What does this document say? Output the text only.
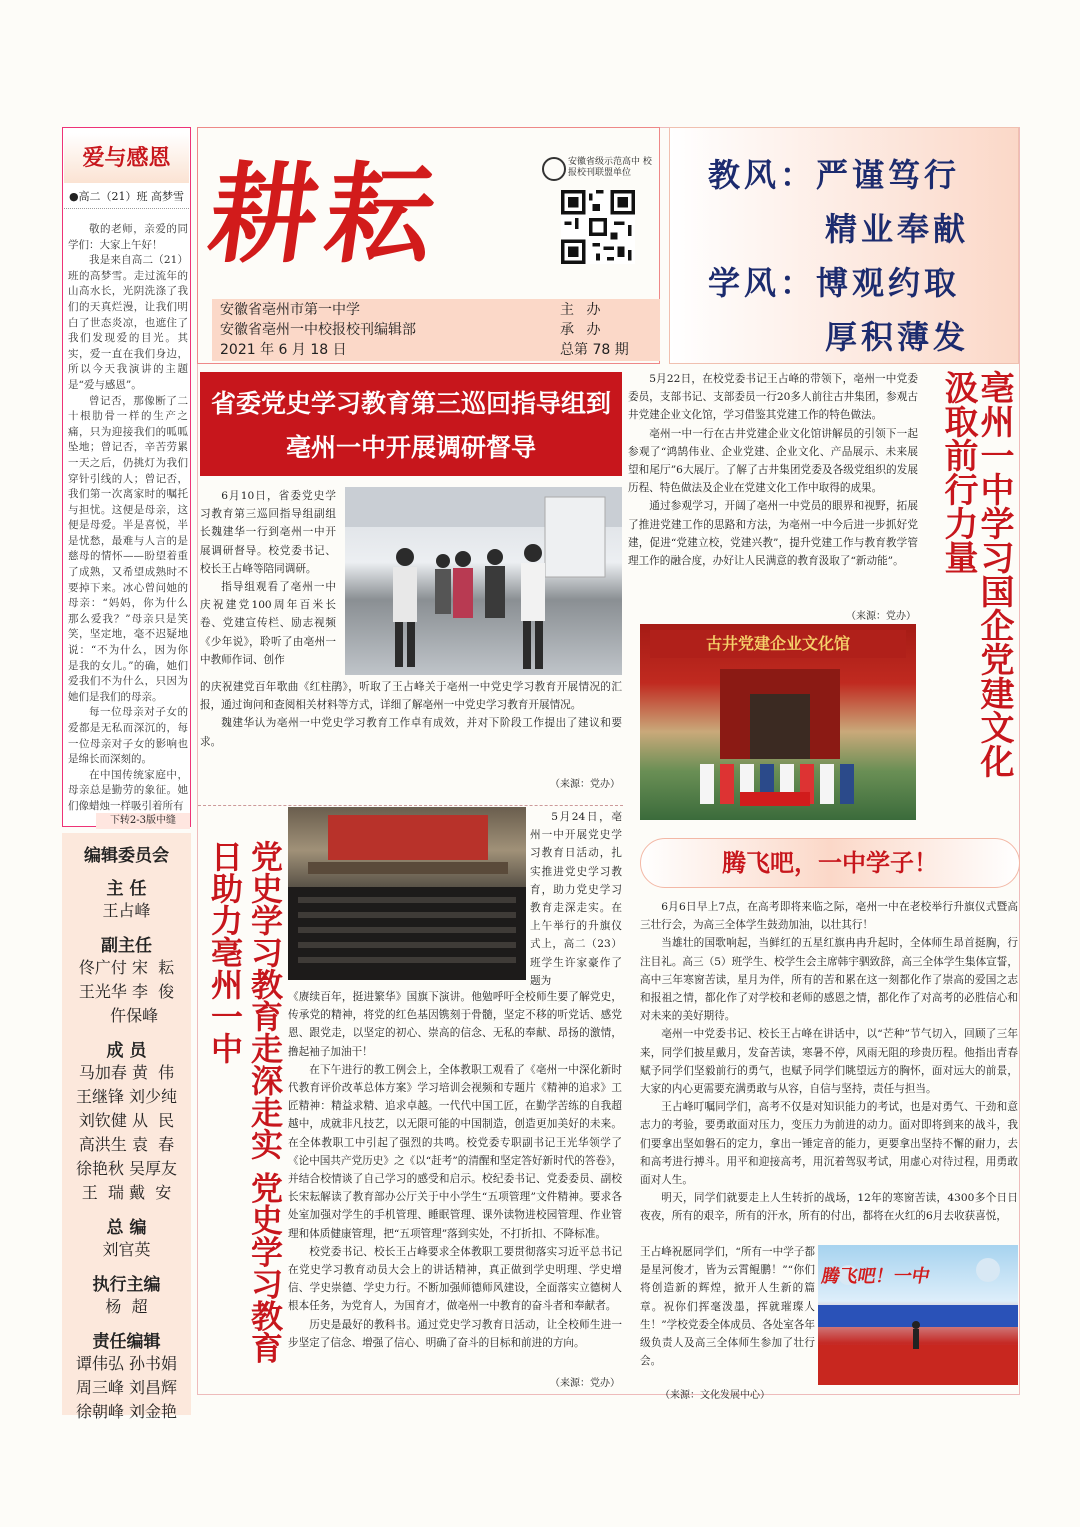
爱与感恩
●高二（21）班 高梦雪

敬的老师，亲爱的同学们：大家上午好！

我是来自高二（21）班的高梦雪。走过流年的山高水长，光阴洗涤了我们的天真烂漫，让我们明白了世态炎凉，也遮住了我们发现爱的目光。其实，爱一直在我们身边，所以今天我演讲的主题是“爱与感恩”。

曾记否，那像断了二十根肋骨一样的生产之痛，只为迎接我们的呱呱坠地；曾记否，辛苦劳累一天之后，仍挑灯为我们穿针引线的人；曾记否，我们第一次离家时的嘱托与担忧。这便是母亲，这便是母爱。半是喜悦，半是忧愁，最难与人言的是慈母的情怀——盼望着重了成熟，又希望成熟时不要掉下来。冰心曾问她的母亲：“妈妈，你为什么那么爱我？”母亲只是笑笑，坚定地，毫不迟疑地说：“不为什么，因为你是我的女儿。”的确，她们爱我们不为什么，只因为她们是我们的母亲。

每一位母亲对子女的爱都是无私而深沉的，每一位母亲对子女的影响也是绵长而深刻的。

在中国传统家庭中，母亲总是勤劳的象征。她们像蜡烛一样吸引着所有

下转2-3版中缝
编辑委员会
主 任
王占峰
副主任
佟广付 宋  耘
王光华 李  俊
仵保峰
成 员
马加春 黄  伟
王继锋 刘少纯
刘钦健 从  民
高洪生 袁  春
徐艳秋 吴厚友
王  瑞 戴  安
总 编
刘官英
执行主编
杨  超
责任编辑
谭伟弘 孙书娟
周三峰 刘昌辉
徐朝峰 刘金艳
耕耘	安徽省级示范高中 校报校刊联盟单位
安徽省亳州市第一中学	主 办
安徽省亳州一中校报校刊编辑部	承 办
2021 年 6 月 18 日	总第 78 期
教风：严谨笃行
精业奉献
学风：博观约取
厚积薄发
省委党史学习教育第三巡回指导组到亳州一中开展调研督导

6月10日，省委党史学习教育第三巡回指导组副组长魏建华一行到亳州一中开展调研督导。校党委书记、校长王占峰等陪同调研。

指导组观看了亳州一中庆祝建党100周年百米长卷、党建宣传栏、励志视频《少年说》，聆听了由亳州一中教师作词、创作

的庆祝建党百年歌曲《红柱鹃》，听取了王占峰关于亳州一中党史学习教育开展情况的汇报，通过询问和查阅相关材料等方式，详细了解亳州一中党史学习教育开展情况。

魏建华认为亳州一中党史学习教育工作卓有成效，并对下阶段工作提出了建议和要求。

（来源：党办）

5月22日，在校党委书记王占峰的带领下，亳州一中党委委员，支部书记、支部委员一行20多人前往古井集团，参观古井党建企业文化馆，学习借鉴其党建工作的特色做法。

亳州一中一行在古井党建企业文化馆讲解员的引领下一起参观了“鸿鹄伟业、企业党建、企业文化、产品展示、未来展望和尾厅”6大展厅。了解了古井集团党委及各级党组织的发展历程、特色做法及企业在党建文化工作中取得的成果。

通过参观学习，开阔了亳州一中党员的眼界和视野，拓展了推进党建工作的思路和方法，为亳州一中今后进一步抓好党建，促进“党建立校，党建兴教”，提升党建工作与教育教学管理工作的融合度，办好让人民满意的教育汲取了“新动能”。

（来源：党办）
古井党建企业文化馆	亳州一中学习国企党建文化汲取前行力量
党史学习教育走深走实 党史学习教育日助力亳州一中

5月24日，亳州一中开展党史学习教育日活动，扎实推进党史学习教育，助力党史学习教育走深走实。在上午举行的升旗仪式上，高二（23）班学生许家豪作了题为

《赓续百年，挺进繁华》国旗下演讲。他勉呼吁全校师生要了解党史，传承党的精神，将党的红色基因镌刻于骨髓，坚定不移的听党话、感党恩、跟党走，以坚定的初心、崇高的信念、无私的奉献、昂扬的激情，撸起袖子加油干！

在下午进行的教工例会上，全体教职工观看了《亳州一中深化新时代教育评价改革总体方案》学习培训会视频和专题片《精神的追求》工匠精神：精益求精、追求卓越。一代代中国工匠，在勤学苦练的自我超越中，成就非凡技艺，以无限可能的中国制造，创造更加美好的未来。在全体教职工中引起了强烈的共鸣。校党委专职副书记王光华领学了《论中国共产党历史》之《以“赶考”的清醒和坚定答好新时代的答卷》，并结合校情谈了自己学习的感受和启示。校纪委书记、党委委员、副校长宋耘解读了教育部办公厅关于中小学生“五项管理”文件精神。要求各处室加强对学生的手机管理、睡眠管理、课外读物进校园管理、作业管理和体质健康管理，把“五项管理”落到实处，不打折扣、不降标准。

校党委书记、校长王占峰要求全体教职工要贯彻落实习近平总书记在党史学习教育动员大会上的讲话精神，真正做到学史明理、学史增信、学史崇德、学史力行。不断加强师德师风建设，全面落实立德树人根本任务，为党育人，为国育才，做亳州一中教育的奋斗者和奉献者。

历史是最好的教科书。通过党史学习教育日活动，让全校师生进一步坚定了信念、增强了信心、明确了奋斗的目标和前进的方向。

（来源：党办）
腾飞吧，一中学子！

6月6日早上7点，在高考即将来临之际，亳州一中在老校举行升旗仪式暨高三壮行会，为高三全体学生鼓劲加油，以壮其行！

当雄壮的国歌响起，当鲜红的五星红旗冉冉升起时，全体师生昂首挺胸，行注目礼。高三（5）班学生、校学生会主席韩宇驷致辞，高三全体学生集体宣誓，高中三年寒窗苦读，星月为伴，所有的苦和累在这一刻都化作了崇高的爱国之志和报祖之情，都化作了对学校和老师的感恩之情，都化作了对高考的必胜信心和对未来的美好期待。

亳州一中党委书记、校长王占峰在讲话中，以“芒种”节气切入，回顾了三年来，同学们披星戴月，发奋苦读，寒暑不停，风雨无阻的珍贵历程。他指出青春赋予同学们坚毅前行的勇气，也赋予同学们眺望远方的胸怀，面对远大的前景，大家的内心更需要充满勇敢与从容，自信与坚持，责任与担当。

王占峰叮嘱同学们，高考不仅是对知识能力的考试，也是对勇气、干劲和意志力的考验，要勇敢面对压力，变压力为前进的动力。面对即将到来的战斗，我们要拿出坚如磐石的定力，拿出一锤定音的能力，更要拿出坚持不懈的耐力，去和高考进行搏斗。用平和迎接高考，用沉着驾驭考试，用虚心对待过程，用勇敢面对人生。

明天，同学们就要走上人生转折的战场，12年的寒窗苦读，4300多个日日夜夜，所有的艰辛，所有的汗水，所有的付出，都将在火红的6月去收获喜悦，

王占峰祝愿同学们，“所有一中学子都是星河俊才，皆为云霄鲲鹏！”“你们将创造新的辉煌，掀开人生新的篇章。祝你们挥毫泼墨，挥就璀璨人生！”学校党委全体成员、各处室各年级负责人及高三全体师生参加了壮行会。

腾飞吧！一中
（来源：文化发展中心）
